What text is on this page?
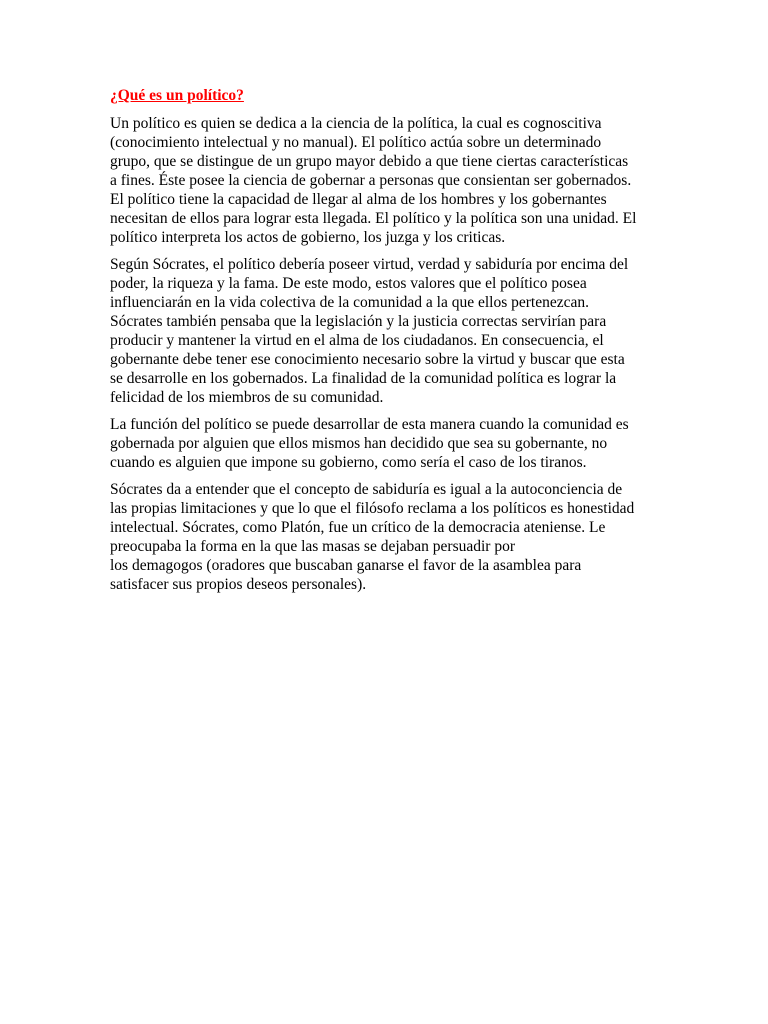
¿Qué es un político?

Un político es quien se dedica a la ciencia de la política, la cual es cognoscitiva
(conocimiento intelectual y no manual). El político actúa sobre un determinado
grupo, que se distingue de un grupo mayor debido a que tiene ciertas características
a fines. Éste posee la ciencia de gobernar a personas que consientan ser gobernados.
El político tiene la capacidad de llegar al alma de los hombres y los gobernantes
necesitan de ellos para lograr esta llegada. El político y la política son una unidad. El
político interpreta los actos de gobierno, los juzga y los criticas.

Según Sócrates, el político debería poseer virtud, verdad y sabiduría por encima del
poder, la riqueza y la fama. De este modo, estos valores que el político posea
influenciarán en la vida colectiva de la comunidad a la que ellos pertenezcan.
Sócrates también pensaba que la legislación y la justicia correctas servirían para
producir y mantener la virtud en el alma de los ciudadanos. En consecuencia, el
gobernante debe tener ese conocimiento necesario sobre la virtud y buscar que esta
se desarrolle en los gobernados. La finalidad de la comunidad política es lograr la
felicidad de los miembros de su comunidad.

La función del político se puede desarrollar de esta manera cuando la comunidad es
gobernada por alguien que ellos mismos han decidido que sea su gobernante, no
cuando es alguien que impone su gobierno, como sería el caso de los tiranos.

Sócrates da a entender que el concepto de sabiduría es igual a la autoconciencia de
las propias limitaciones y que lo que el filósofo reclama a los políticos es honestidad
intelectual. Sócrates, como Platón, fue un crítico de la democracia ateniense. Le
preocupaba la forma en la que las masas se dejaban persuadir por
los demagogos (oradores que buscaban ganarse el favor de la asamblea para
satisfacer sus propios deseos personales).
